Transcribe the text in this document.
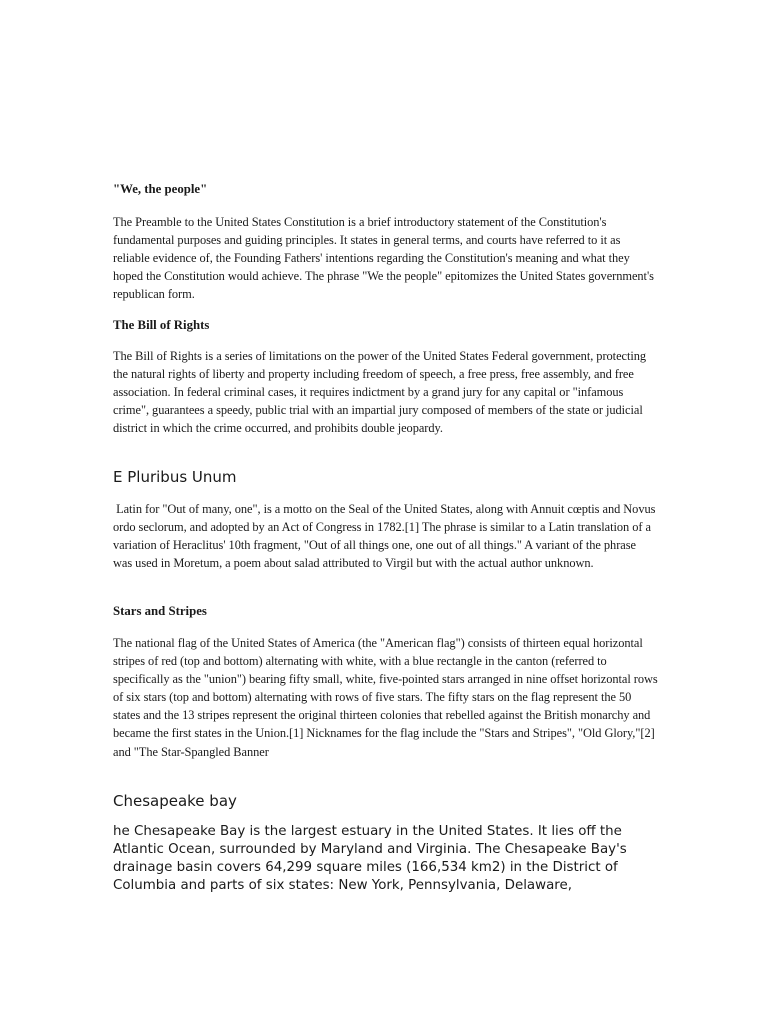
"We, the people"

The Preamble to the United States Constitution is a brief introductory statement of the Constitution's fundamental purposes and guiding principles. It states in general terms, and courts have referred to it as reliable evidence of, the Founding Fathers' intentions regarding the Constitution's meaning and what they hoped the Constitution would achieve. The phrase "We the people" epitomizes the United States government's republican form.

The Bill of Rights

The Bill of Rights is a series of limitations on the power of the United States Federal government, protecting the natural rights of liberty and property including freedom of speech, a free press, free assembly, and free association. In federal criminal cases, it requires indictment by a grand jury for any capital or "infamous crime", guarantees a speedy, public trial with an impartial jury composed of members of the state or judicial district in which the crime occurred, and prohibits double jeopardy.

E Pluribus Unum

Latin for "Out of many, one", is a motto on the Seal of the United States, along with Annuit cœptis and Novus ordo seclorum, and adopted by an Act of Congress in 1782.[1] The phrase is similar to a Latin translation of a variation of Heraclitus' 10th fragment, "Out of all things one, one out of all things." A variant of the phrase was used in Moretum, a poem about salad attributed to Virgil but with the actual author unknown.

Stars and Stripes

The national flag of the United States of America (the "American flag") consists of thirteen equal horizontal stripes of red (top and bottom) alternating with white, with a blue rectangle in the canton (referred to specifically as the "union") bearing fifty small, white, five-pointed stars arranged in nine offset horizontal rows of six stars (top and bottom) alternating with rows of five stars. The fifty stars on the flag represent the 50 states and the 13 stripes represent the original thirteen colonies that rebelled against the British monarchy and became the first states in the Union.[1] Nicknames for the flag include the "Stars and Stripes", "Old Glory,"[2] and "The Star-Spangled Banner

Chesapeake bay

he Chesapeake Bay is the largest estuary in the United States. It lies off the Atlantic Ocean, surrounded by Maryland and Virginia. The Chesapeake Bay's drainage basin covers 64,299 square miles (166,534 km2) in the District of Columbia and parts of six states: New York, Pennsylvania, Delaware,
